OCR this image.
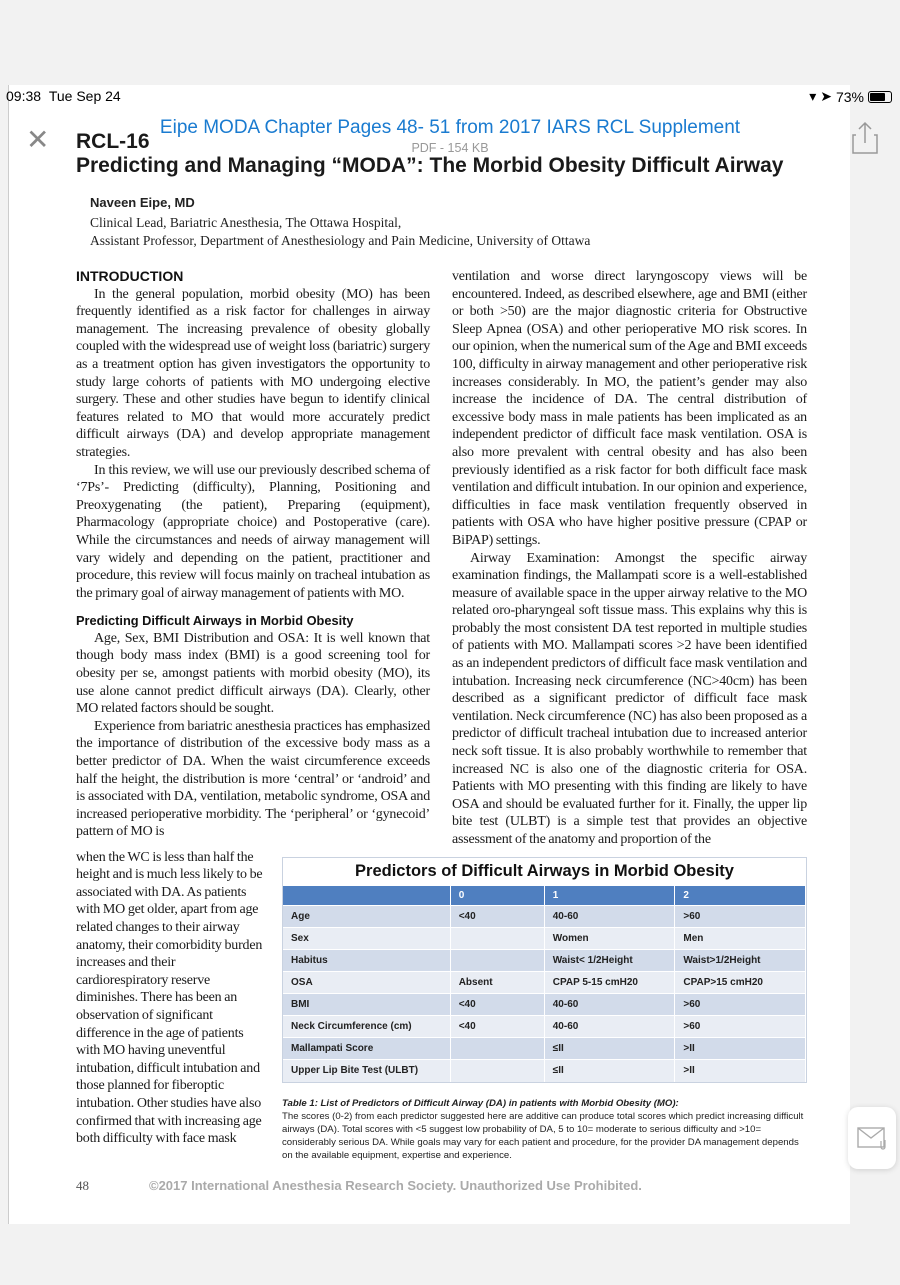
09:38 Tue Sep 24	▾ ➤ 73%
✕	Eipe MODA Chapter Pages 48- 51 from 2017 IARS RCL Supplement
PDF - 154 KB
RCL-16
Predicting and Managing “MODA”: The Morbid Obesity Difficult Airway
Naveen Eipe, MD
Clinical Lead, Bariatric Anesthesia, The Ottawa Hospital,
Assistant Professor, Department of Anesthesiology and Pain Medicine, University of Ottawa

INTRODUCTION

In the general population, morbid obesity (MO) has been frequently identified as a risk factor for challenges in airway management. The increasing prevalence of obesity globally coupled with the widespread use of weight loss (bariatric) surgery as a treatment option has given investigators the opportunity to study large cohorts of patients with MO undergoing elective surgery. These and other studies have begun to identify clinical features related to MO that would more accurately predict difficult airways (DA) and develop appropriate management strategies.

In this review, we will use our previously described schema of ‘7Ps’- Predicting (difficulty), Planning, Positioning and Preoxygenating (the patient), Preparing (equipment), Pharmacology (appropriate choice) and Postoperative (care). While the circumstances and needs of airway management will vary widely and depending on the patient, practitioner and procedure, this review will focus mainly on tracheal intubation as the primary goal of airway management of patients with MO.

Predicting Difficult Airways in Morbid Obesity

Age, Sex, BMI Distribution and OSA: It is well known that though body mass index (BMI) is a good screening tool for obesity per se, amongst patients with morbid obesity (MO), its use alone cannot predict difficult airways (DA). Clearly, other MO related factors should be sought.

Experience from bariatric anesthesia practices has emphasized the importance of distribution of the excessive body mass as a better predictor of DA. When the waist circumference exceeds half the height, the distribution is more ‘central’ or ‘android’ and is associated with DA, ventilation, metabolic syndrome, OSA and increased perioperative morbidity. The ‘peripheral’ or ‘gynecoid’ pattern of MO is

ventilation and worse direct laryngoscopy views will be encountered. Indeed, as described elsewhere, age and BMI (either or both >50) are the major diagnostic criteria for Obstructive Sleep Apnea (OSA) and other perioperative MO risk scores. In our opinion, when the numerical sum of the Age and BMI exceeds 100, difficulty in airway management and other perioperative risk increases considerably. In MO, the patient’s gender may also increase the incidence of DA. The central distribution of excessive body mass in male patients has been implicated as an independent predictor of difficult face mask ventilation. OSA is also more prevalent with central obesity and has also been previously identified as a risk factor for both difficult face mask ventilation and difficult intubation. In our opinion and experience, difficulties in face mask ventilation frequently observed in patients with OSA who have higher positive pressure (CPAP or BiPAP) settings.

Airway Examination: Amongst the specific airway examination findings, the Mallampati score is a well-established measure of available space in the upper airway relative to the MO related oro-pharyngeal soft tissue mass. This explains why this is probably the most consistent DA test reported in multiple studies of patients with MO. Mallampati scores >2 have been identified as an independent predictors of difficult face mask ventilation and intubation. Increasing neck circumference (NC>40cm) has been described as a significant predictor of difficult face mask ventilation. Neck circumference (NC) has also been proposed as a predictor of difficult tracheal intubation due to increased anterior neck soft tissue. It is also probably worthwhile to remember that increased NC is also one of the diagnostic criteria for OSA. Patients with MO presenting with this finding are likely to have OSA and should be evaluated further for it. Finally, the upper lip bite test (ULBT) is a simple test that provides an objective assessment of the anatomy and proportion of the

when the WC is less than half the height and is much less likely to be associated with DA. As patients with MO get older, apart from age related changes to their airway anatomy, their comorbidity burden increases and their cardiorespiratory reserve diminishes. There has been an observation of significant difference in the age of patients with MO having uneventful intubation, difficult intubation and those planned for fiberoptic intubation. Other studies have also confirmed that with increasing age both difficulty with face mask

Predictors of Difficult Airways in Morbid Obesity
	0	1	2
Age	<40	40-60	>60
Sex		Women	Men
Habitus		Waist< 1/2Height	Waist>1/2Height
OSA	Absent	CPAP 5-15 cmH20	CPAP>15 cmH20
BMI	<40	40-60	>60
Neck Circumference (cm)	<40	40-60	>60
Mallampati Score		≤II	>II
Upper Lip Bite Test (ULBT)		≤II	>II
Table 1: List of Predictors of Difficult Airway (DA) in patients with Morbid Obesity (MO):
The scores (0-2) from each predictor suggested here are additive can produce total scores which predict increasing difficult airways (DA). Total scores with <5 suggest low probability of DA, 5 to 10= moderate to serious difficulty and >10= considerably serious DA. While goals may vary for each patient and procedure, for the provider DA management depends on the available equipment, expertise and experience.
48	©2017 International Anesthesia Research Society. Unauthorized Use Prohibited.
